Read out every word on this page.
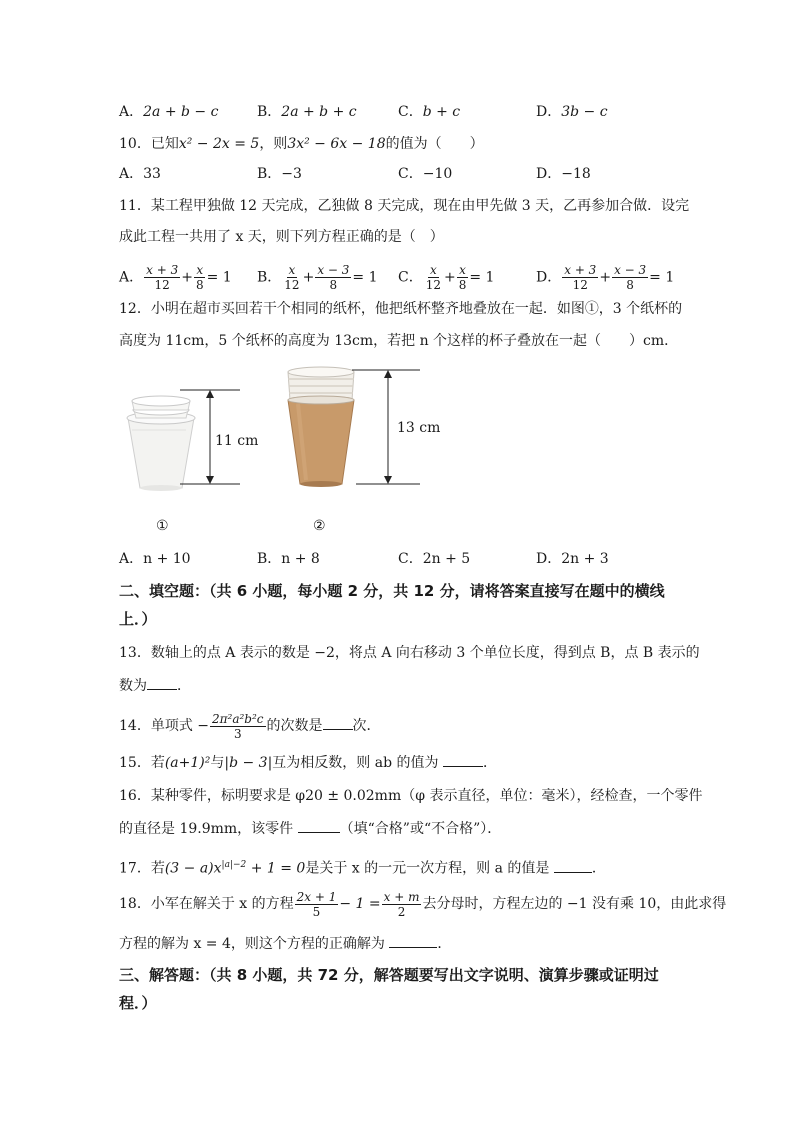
A．2a + b − c	B．2a + b + c	C．b + c	D．3b − c
10．已知x² − 2x = 5，则3x² − 6x − 18的值为（　　）
A．33	B．−3	C．−10	D．−18
11．某工程甲独做 12 天完成，乙独做 8 天完成，现在由甲先做 3 天，乙再参加合做．设完
成此工程一共用了 x 天，则下列方程正确的是（　）
A． $\frac{x + 3}{12} + \frac{x}{8} = 1$ B． $\frac{x}{12} + \frac{x - 3}{8} = 1$ C． $\frac{x}{12} + \frac{x}{8} = 1$	D． $\frac{x + 3}{12} + \frac{x - 3}{8} = 1$
12．小明在超市买回若干个相同的纸杯，他把纸杯整齐地叠放在一起．如图①，3 个纸杯的
高度为 11cm，5 个纸杯的高度为 13cm，若把 n 个这样的杯子叠放在一起（　　）cm．
11 cm
①
13 cm
②
A．n + 10	B．n + 8	C．2n + 5	D．2n + 3
二、填空题：（共 6 小题，每小题 2 分，共 12 分，请将答案直接写在题中的横线上．）
13．数轴上的点 A 表示的数是 −2，将点 A 向右移动 3 个单位长度，得到点 B，点 B 表示的
数为 ．
14．单项式 − $\frac{\text{2π²a²b²c}}{3}$ 的次数是 次．
15．若(a+1)²与|b − 3|互为相反数，则 ab 的值为	．
16．某种零件，标明要求是 φ20 ± 0.02mm（φ 表示直径，单位：毫米），经检查，一个零件
的直径是 19.9mm，该零件	（填“合格”或“不合格”）．
17．若$(3 - a)x^{|a|-2} + 1 = 0$是关于 x 的一元一次方程，则 a 的值是	．
18．小军在解关于 x 的方程 $\frac{2x + 1}{5} - 1 = \frac{x + m}{2}$ 去分母时，方程左边的 −1 没有乘 10，由此求得
方程的解为 x = 4，则这个方程的正确解为	．
三、解答题：（共 8 小题，共 72 分，解答题要写出文字说明、演算步骤或证明过程．）
